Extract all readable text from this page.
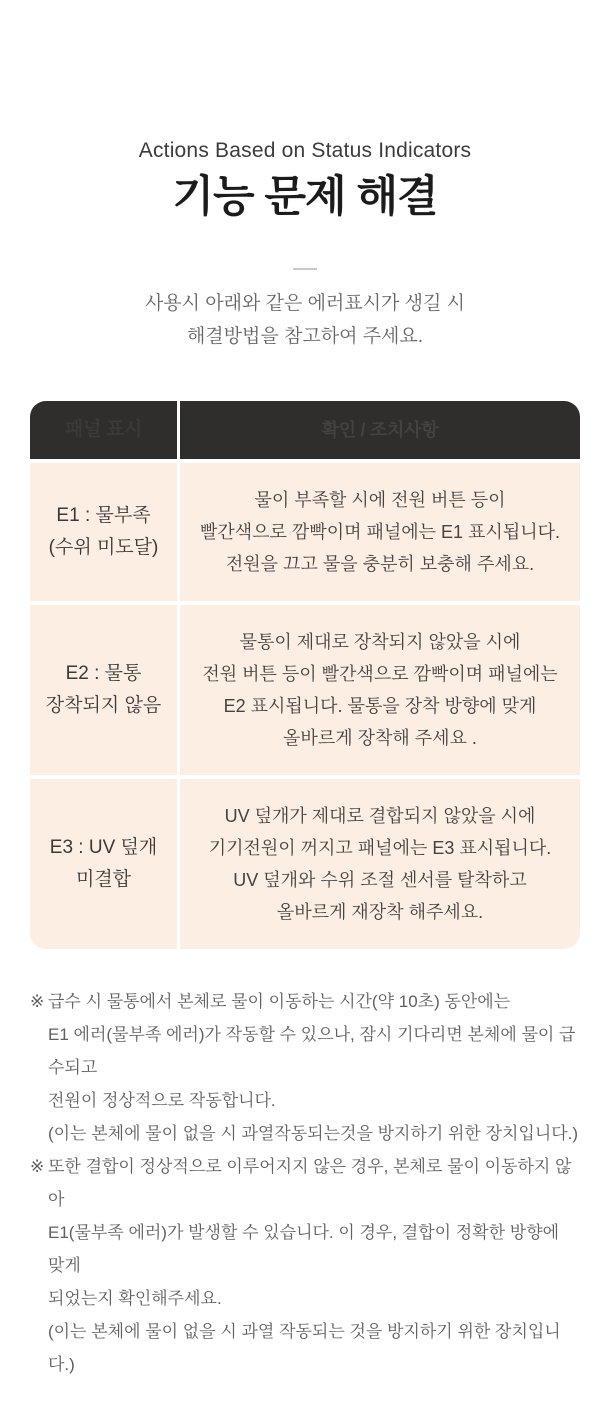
Actions Based on Status Indicators
기능 문제 해결
사용시 아래와 같은 에러표시가 생길 시
해결방법을 참고하여 주세요.
패널 표시	확인 / 조치사항
E1 : 물부족
(수위 미도달)
물이 부족할 시에 전원 버튼 등이
빨간색으로 깜빡이며 패널에는 E1 표시됩니다.
전원을 끄고 물을 충분히 보충해 주세요.
E2 : 물통
장착되지 않음
물통이 제대로 장착되지 않았을 시에
전원 버튼 등이 빨간색으로 깜빡이며 패널에는
E2 표시됩니다. 물통을 장착 방향에 맞게
올바르게 장착해 주세요 .
E3 : UV 덮개
미결합
UV 덮개가 제대로 결합되지 않았을 시에
기기전원이 꺼지고 패널에는 E3 표시됩니다.
UV 덮개와 수위 조절 센서를 탈착하고
올바르게 재장착 해주세요.
※ 급수 시 물통에서 본체로 물이 이동하는 시간(약 10초) 동안에는
E1 에러(물부족 에러)가 작동할 수 있으나, 잠시 기다리면 본체에 물이 급수되고
전원이 정상적으로 작동합니다.
(이는 본체에 물이 없을 시 과열작동되는것을 방지하기 위한 장치입니다.)
※ 또한 결합이 정상적으로 이루어지지 않은 경우, 본체로 물이 이동하지 않아
E1(물부족 에러)가 발생할 수 있습니다. 이 경우, 결합이 정확한 방향에 맞게
되었는지 확인해주세요.
(이는 본체에 물이 없을 시 과열 작동되는 것을 방지하기 위한 장치입니다.)
